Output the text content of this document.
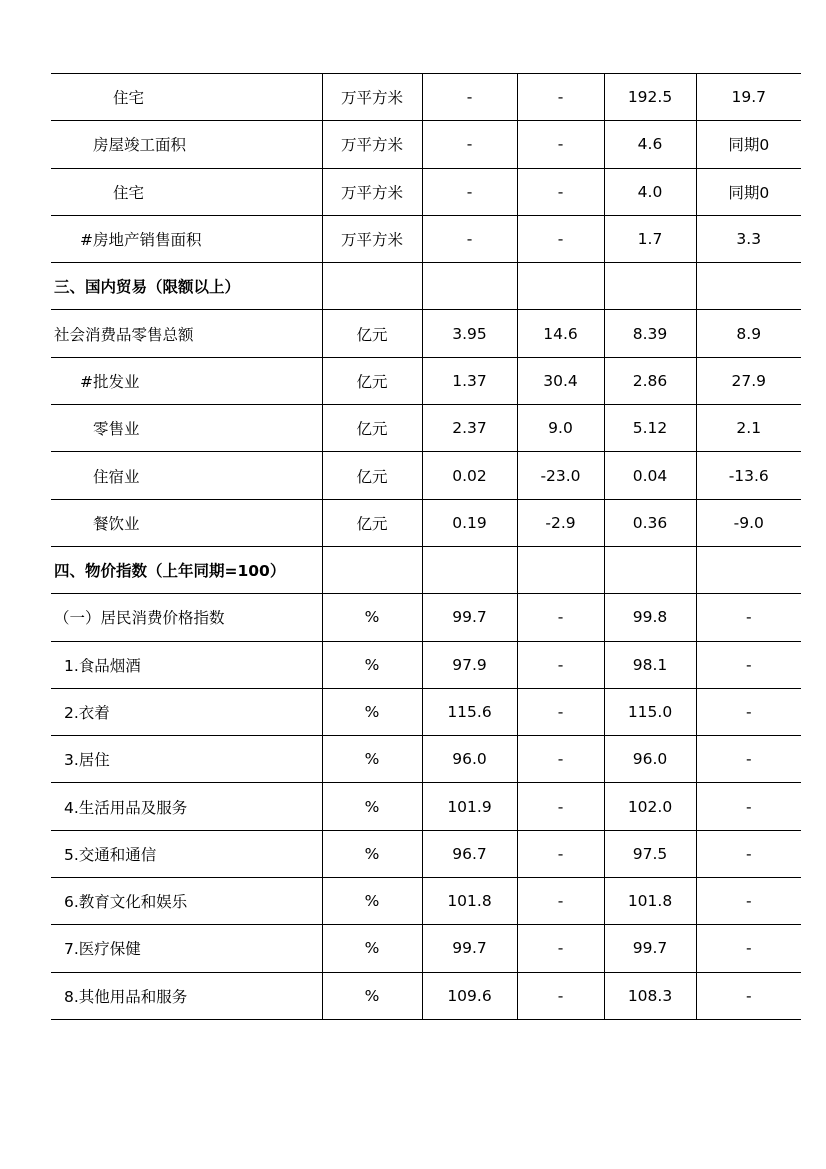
住宅	万平方米	-	-	192.5	19.7
房屋竣工面积	万平方米	-	-	4.6	同期0
住宅	万平方米	-	-	4.0	同期0
#房地产销售面积	万平方米	-	-	1.7	3.3
三、国内贸易（限额以上）					
社会消费品零售总额	亿元	3.95	14.6	8.39	8.9
#批发业	亿元	1.37	30.4	2.86	27.9
零售业	亿元	2.37	9.0	5.12	2.1
住宿业	亿元	0.02	-23.0	0.04	-13.6
餐饮业	亿元	0.19	-2.9	0.36	-9.0
四、物价指数（上年同期=100）					
（一）居民消费价格指数	%	99.7	-	99.8	-
1.食品烟酒	%	97.9	-	98.1	-
2.衣着	%	115.6	-	115.0	-
3.居住	%	96.0	-	96.0	-
4.生活用品及服务	%	101.9	-	102.0	-
5.交通和通信	%	96.7	-	97.5	-
6.教育文化和娱乐	%	101.8	-	101.8	-
7.医疗保健	%	99.7	-	99.7	-
8.其他用品和服务	%	109.6	-	108.3	-
